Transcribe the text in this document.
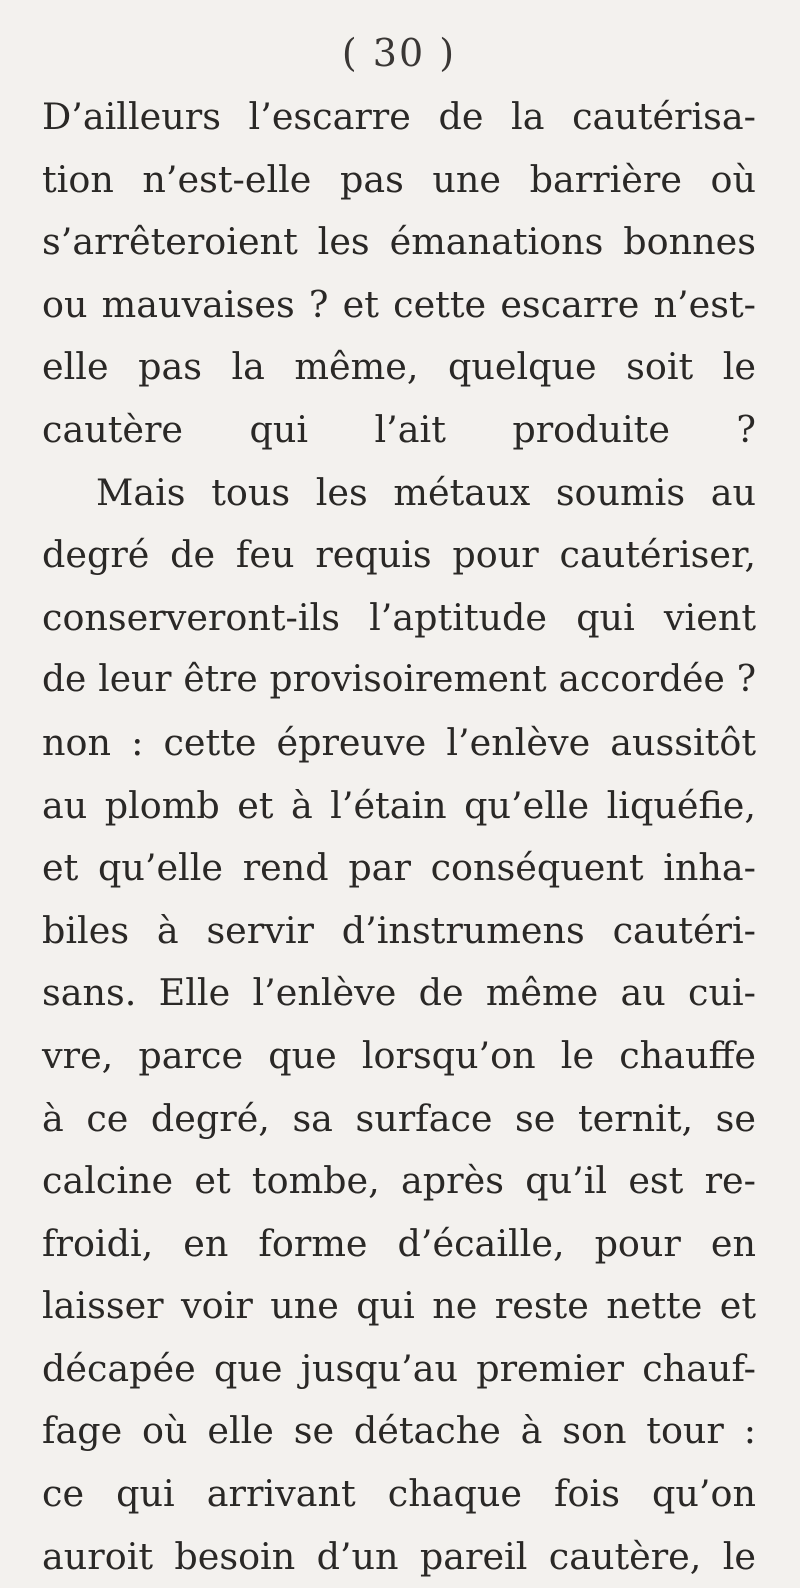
( 30 )

D’ailleurs l’escarre de la cautérisa-

tion n’est-elle pas une barrière où

s’arrêteroient les émanations bonnes

ou mauvaises ? et cette escarre n’est-

elle pas la même, quelque soit le

cautère qui l’ait produite ?

Mais tous les métaux soumis au

degré de feu requis pour cautériser,

conserveront-ils l’aptitude qui vient

de leur être provisoirement accordée ?

non : cette épreuve l’enlève aussitôt

au plomb et à l’étain qu’elle liquéfie,

et qu’elle rend par conséquent inha-

biles à servir d’instrumens cautéri-

sans. Elle l’enlève de même au cui-

vre, parce que lorsqu’on le chauffe

à ce degré, sa surface se ternit, se

calcine et tombe, après qu’il est re-

froidi, en forme d’écaille, pour en

laisser voir une qui ne reste nette et

décapée que jusqu’au premier chauf-

fage où elle se détache à son tour :

ce qui arrivant chaque fois qu’on

auroit besoin d’un pareil cautère, le
